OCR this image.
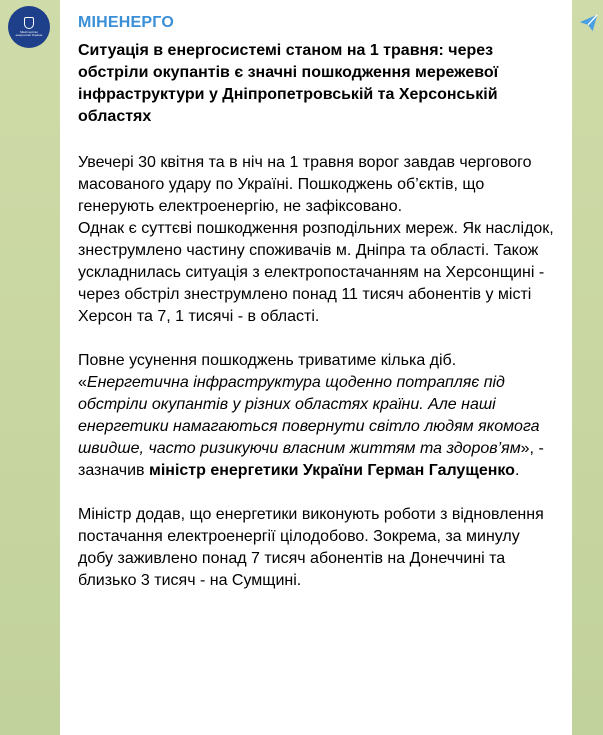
Міністерство енергетики України
МІНЕНЕРГО
Ситуація в енергосистемі станом на 1 травня: через обстріли окупантів є значні пошкодження мережевої інфраструктури у Дніпропетровській та Херсонській областях
Увечері 30 квітня та в ніч на 1 травня ворог завдав чергового масованого удару по Україні. Пошкоджень об’єктів, що генерують електроенергію, не зафіксовано.
Однак є суттєві пошкодження розподільних мереж. Як наслідок, знеструмлено частину споживачів м. Дніпра та області. Також ускладнилась ситуація з електропостачанням на Херсонщині - через обстріл знеструмлено понад 11 тисяч абонентів у місті Херсон та 7, 1 тисячі - в області.
Повне усунення пошкоджень триватиме кілька діб. «Енергетична інфраструктура щоденно потрапляє під обстріли окупантів у різних областях країни. Але наші енергетики намагаються повернути світло людям якомога швидше, часто ризикуючи власним життям та здоров’ям», - зазначив міністр енергетики України Герман Галущенко.
Міністр додав, що енергетики виконують роботи з відновлення постачання електроенергії цілодобово. Зокрема, за минулу добу заживлено понад 7 тисяч абонентів на Донеччині та близько 3 тисяч - на Сумщині.
